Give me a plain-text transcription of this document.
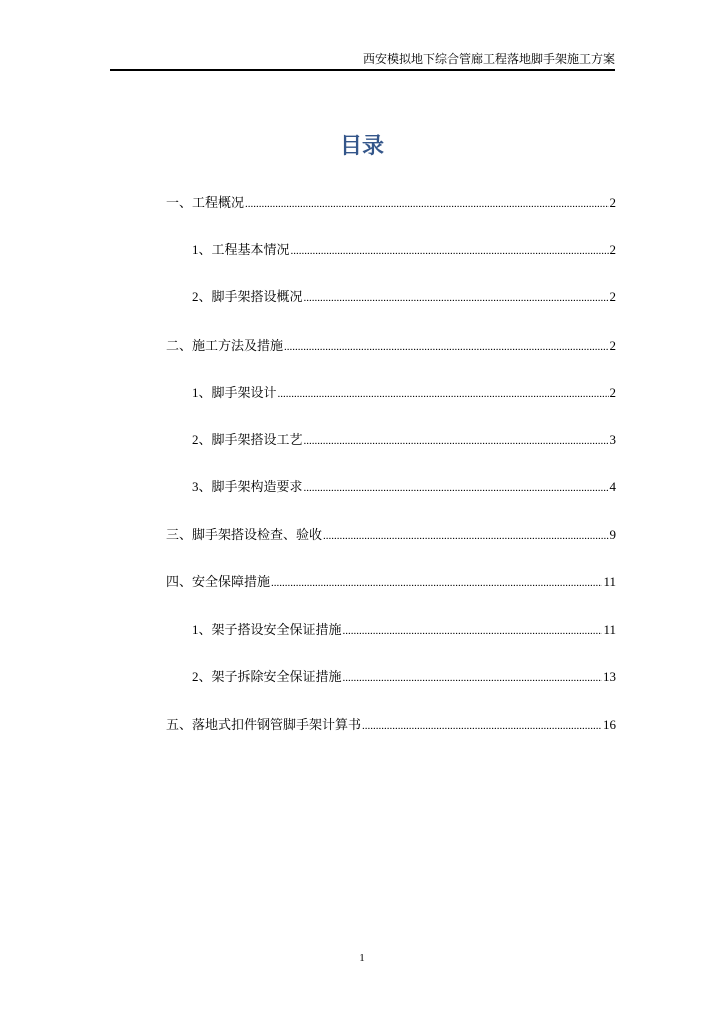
西安模拟地下综合管廊工程落地脚手架施工方案
目录
一、工程概况 .....	2
1、工程基本情况 .....	2
2、脚手架搭设概况 .....	2
二、施工方法及措施 .....	2
1、脚手架设计 .....	2
2、脚手架搭设工艺 .....	3
3、脚手架构造要求 .....	4
三、脚手架搭设检查、验收 .....	9
四、安全保障措施 .....	11
1、架子搭设安全保证措施 .....	11
2、架子拆除安全保证措施 .....	13
五、落地式扣件钢管脚手架计算书 .....	16
1
